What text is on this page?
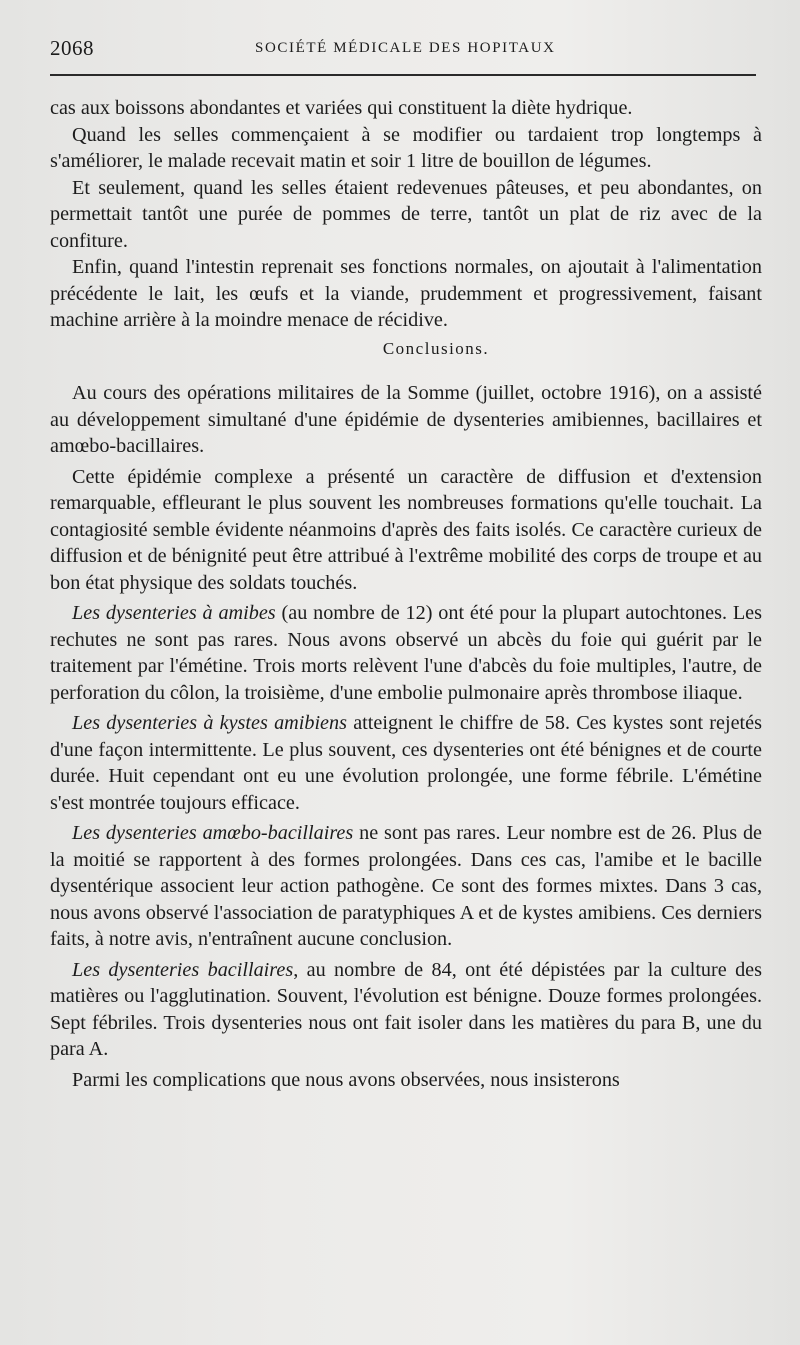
2068	SOCIÉTÉ MÉDICALE DES HOPITAUX

cas aux boissons abondantes et variées qui constituent la diète hydrique.

Quand les selles commençaient à se modifier ou tardaient trop longtemps à s'améliorer, le malade recevait matin et soir 1 litre de bouillon de légumes.

Et seulement, quand les selles étaient redevenues pâteuses, et peu abondantes, on permettait tantôt une purée de pommes de terre, tantôt un plat de riz avec de la confiture.

Enfin, quand l'intestin reprenait ses fonctions normales, on ajoutait à l'alimentation précédente le lait, les œufs et la viande, prudemment et progressivement, faisant machine arrière à la moindre menace de récidive.

Conclusions.

Au cours des opérations militaires de la Somme (juillet, octobre 1916), on a assisté au développement simultané d'une épidémie de dysenteries amibiennes, bacillaires et amœbo-bacillaires.

Cette épidémie complexe a présenté un caractère de diffusion et d'extension remarquable, effleurant le plus souvent les nombreuses formations qu'elle touchait. La contagiosité semble évidente néanmoins d'après des faits isolés. Ce caractère curieux de diffusion et de bénignité peut être attribué à l'extrême mobilité des corps de troupe et au bon état physique des soldats touchés.

Les dysenteries à amibes (au nombre de 12) ont été pour la plupart autochtones. Les rechutes ne sont pas rares. Nous avons observé un abcès du foie qui guérit par le traitement par l'émétine. Trois morts relèvent l'une d'abcès du foie multiples, l'autre, de perforation du côlon, la troisième, d'une embolie pulmonaire après thrombose iliaque.

Les dysenteries à kystes amibiens atteignent le chiffre de 58. Ces kystes sont rejetés d'une façon intermittente. Le plus souvent, ces dysenteries ont été bénignes et de courte durée. Huit cependant ont eu une évolution prolongée, une forme fébrile. L'émétine s'est montrée toujours efficace.

Les dysenteries amœbo-bacillaires ne sont pas rares. Leur nombre est de 26. Plus de la moitié se rapportent à des formes prolongées. Dans ces cas, l'amibe et le bacille dysentérique associent leur action pathogène. Ce sont des formes mixtes. Dans 3 cas, nous avons observé l'association de paratyphiques A et de kystes amibiens. Ces derniers faits, à notre avis, n'entraînent aucune conclusion.

Les dysenteries bacillaires, au nombre de 84, ont été dépistées par la culture des matières ou l'agglutination. Souvent, l'évolution est bénigne. Douze formes prolongées. Sept fébriles. Trois dysenteries nous ont fait isoler dans les matières du para B, une du para A.

Parmi les complications que nous avons observées, nous insisterons
